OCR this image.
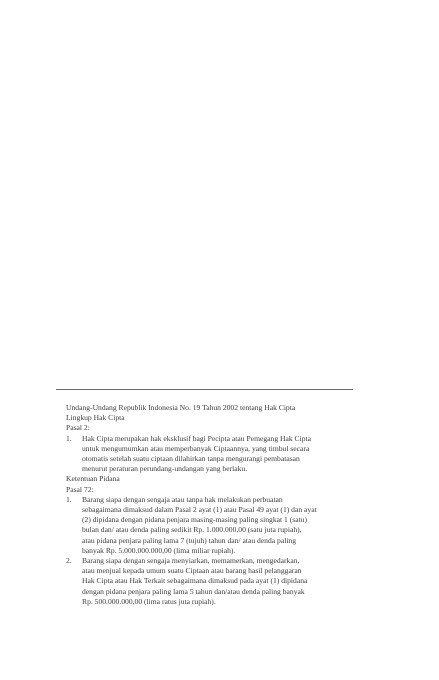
Undang-Undang Republik Indonesia No. 19 Tahun 2002 tentang Hak Cipta

Lingkup Hak Cipta

Pasal 2:

1. Hak Cipta merupakan hak eksklusif bagi Pecipta atau Pemegang Hak Cipta
untuk mengumumkan atau memperbanyak Ciptaannya, yang timbul secara
otomatis setelah suatu ciptaan dilahirkan tanpa mengurangi pembatasan
menurut peraturan perundang-undangan yang berlaku.

Ketentuan Pidana

Pasal 72:

1. Barang siapa dengan sengaja atau tanpa hak melakukan perbuatan
sebagaimana dimaksud dalam Pasal 2 ayat (1) atau Pasal 49 ayat (1) dan ayat
(2) dipidana dengan pidana penjara masing-masing paling singkat 1 (satu)
bulan dan/ atau denda paling sedikit Rp. 1.000.000,00 (satu juta rupiah),
atau pidana penjara paling lama 7 (tujuh) tahun dan/ atau denda paling
banyak Rp. 5.000.000.000,00 (lima miliar rupiah).
2. Barang siapa dengan sengaja menyiarkan, memamerkan, mengedarkan,
atau menjual kepada umum suatu Ciptaan atau barang hasil pelanggaran
Hak Cipta atau Hak Terkait sebagaimana dimaksud pada ayat (1) dipidana
dengan pidana penjara paling lama 5 tahun dan/atau denda paling banyak
Rp. 500.000.000,00 (lima ratus juta rupiah).
